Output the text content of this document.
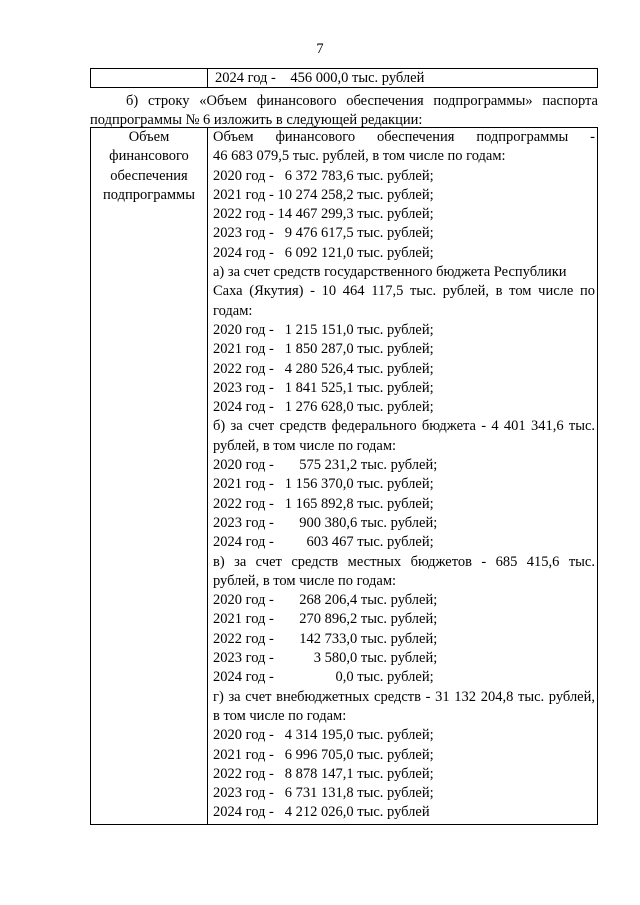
7
2024 год -    456 000,0 тыс. рублей
б) строку «Объем финансового обеспечения подпрограммы» паспорта подпрограммы № 6 изложить в следующей редакции:
Объем
финансового
обеспечения
подпрограммы
Объем финансового обеспечения подпрограммы -
46 683 079,5 тыс. рублей, в том числе по годам:
2020 год -   6 372 783,6 тыс. рублей;
2021 год - 10 274 258,2 тыс. рублей;
2022 год - 14 467 299,3 тыс. рублей;
2023 год -   9 476 617,5 тыс. рублей;
2024 год -   6 092 121,0 тыс. рублей;
а) за счет средств государственного бюджета Республики
Саха (Якутия) - 10 464 117,5 тыс. рублей, в том числе по
годам:
2020 год -   1 215 151,0 тыс. рублей;
2021 год -   1 850 287,0 тыс. рублей;
2022 год -   4 280 526,4 тыс. рублей;
2023 год -   1 841 525,1 тыс. рублей;
2024 год -   1 276 628,0 тыс. рублей;
б) за счет средств федерального бюджета - 4 401 341,6 тыс.
рублей, в том числе по годам:
2020 год -       575 231,2 тыс. рублей;
2021 год -   1 156 370,0 тыс. рублей;
2022 год -   1 165 892,8 тыс. рублей;
2023 год -       900 380,6 тыс. рублей;
2024 год -         603 467 тыс. рублей;
в) за счет средств местных бюджетов - 685 415,6 тыс.
рублей, в том числе по годам:
2020 год -       268 206,4 тыс. рублей;
2021 год -       270 896,2 тыс. рублей;
2022 год -       142 733,0 тыс. рублей;
2023 год -           3 580,0 тыс. рублей;
2024 год -                 0,0 тыс. рублей;
г) за счет внебюджетных средств - 31 132 204,8 тыс. рублей,
в том числе по годам:
2020 год -   4 314 195,0 тыс. рублей;
2021 год -   6 996 705,0 тыс. рублей;
2022 год -   8 878 147,1 тыс. рублей;
2023 год -   6 731 131,8 тыс. рублей;
2024 год -   4 212 026,0 тыс. рублей
